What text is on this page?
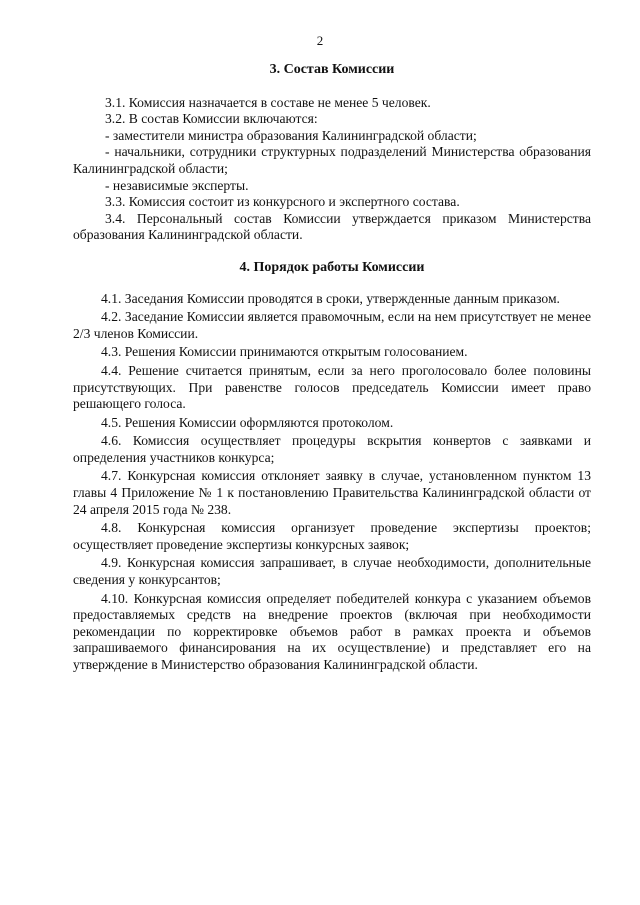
2
3. Состав Комиссии

3.1. Комиссия назначается в составе не менее 5 человек.

3.2. В состав Комиссии включаются:

- заместители министра образования Калининградской области;

- начальники, сотрудники структурных подразделений Министерства образования Калининградской области;

- независимые эксперты.

3.3. Комиссия состоит из конкурсного и экспертного состава.

3.4. Персональный состав Комиссии утверждается приказом Министерства образования Калининградской области.

4. Порядок работы Комиссии

4.1. Заседания Комиссии проводятся в сроки, утвержденные данным приказом.

4.2. Заседание Комиссии является правомочным, если на нем присутствует не менее 2/3 членов Комиссии.

4.3. Решения Комиссии принимаются открытым голосованием.

4.4. Решение считается принятым, если за него проголосовало более половины присутствующих. При равенстве голосов председатель Комиссии имеет право решающего голоса.

4.5. Решения Комиссии оформляются протоколом.

4.6. Комиссия осуществляет процедуры вскрытия конвертов с заявками и определения участников конкурса;

4.7. Конкурсная комиссия отклоняет заявку в случае, установленном пунктом 13 главы 4 Приложение № 1 к постановлению Правительства Калининградской области от 24 апреля 2015 года № 238.

4.8. Конкурсная комиссия организует проведение экспертизы проектов; осуществляет проведение экспертизы конкурсных заявок;

4.9. Конкурсная комиссия запрашивает, в случае необходимости, дополнительные сведения у конкурсантов;

4.10. Конкурсная комиссия определяет победителей конкура с указанием объемов предоставляемых средств на внедрение проектов (включая при необходимости рекомендации по корректировке объемов работ в рамках проекта и объемов запрашиваемого финансирования на их осуществление) и представляет его на утверждение в Министерство образования Калининградской области.
